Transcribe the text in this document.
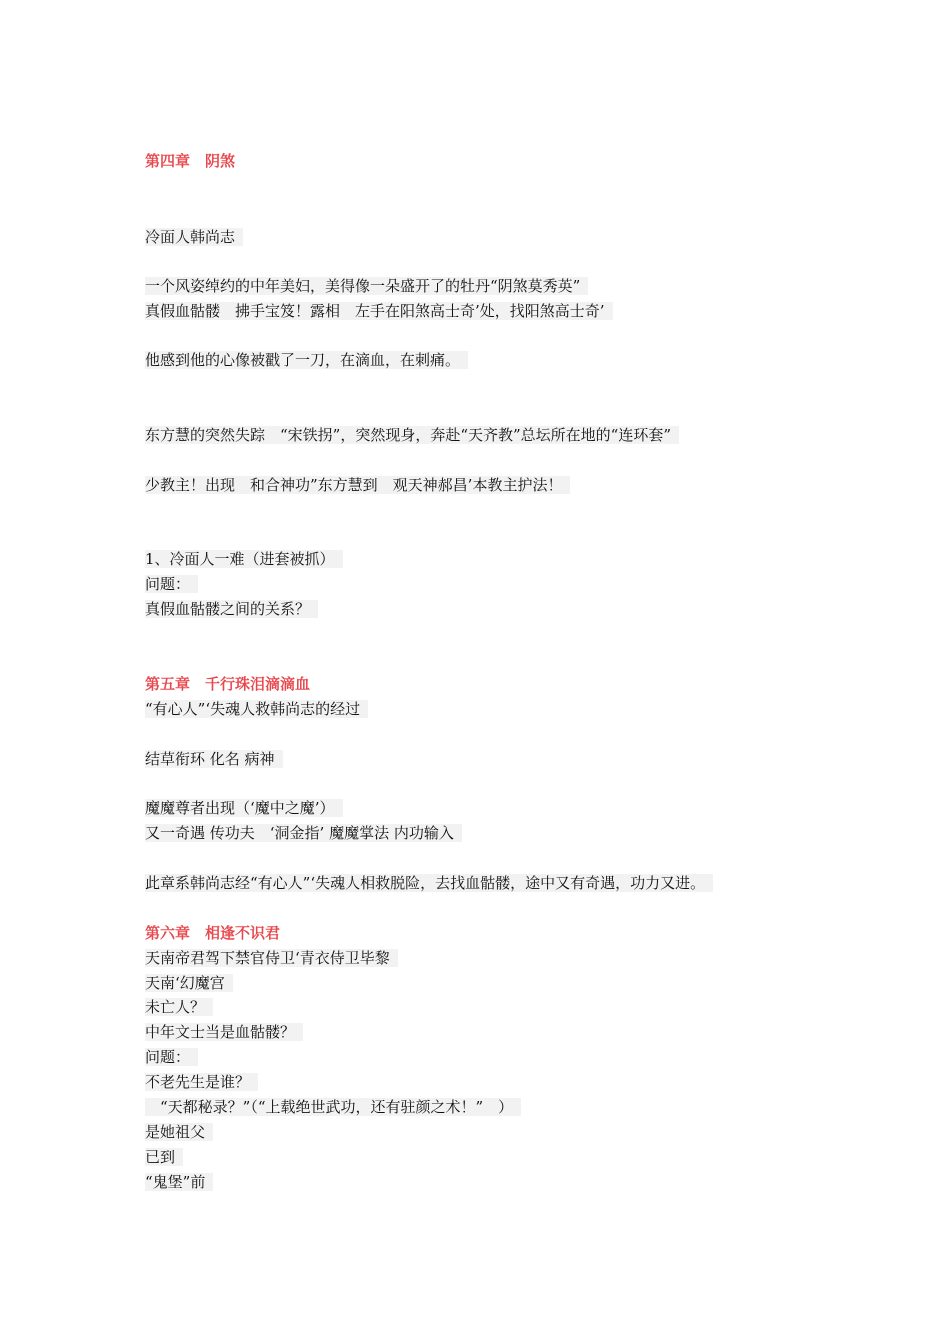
第四章　阴煞
冷面人韩尚志
一个风姿绰约的中年美妇，美得像一朵盛开了的牡丹“阴煞莫秀英”
真假血骷髅　拂手宝笈！露相　左手在阳煞高士奇’处，找阳煞高士奇’
他感到他的心像被戳了一刀，在滴血，在刺痛。
东方慧的突然失踪　“宋铁拐”，突然现身，奔赴“天齐教”总坛所在地的“连环套”
少教主！出现　和合神功”东方慧到　观天神郝昌’本教主护法！
1、冷面人一难（进套被抓）
问题：
真假血骷髅之间的关系？
第五章　千行珠泪滴滴血
“有心人”‘失魂人救韩尚志的经过
结草衔环 化名 病神
魔魔尊者出现（‘魔中之魔’）
又一奇遇 传功夫　‘洞金指’ 魔魔掌法 内功输入
此章系韩尚志经“有心人”‘失魂人相救脱险，去找血骷髅，途中又有奇遇，功力又进。
第六章　相逢不识君
天南帝君驾下禁官侍卫‘青衣侍卫毕黎
天南‘幻魔宫
未亡人？
中年文士当是血骷髅？
问题：
不老先生是谁？
　“天都秘录？”（“上载绝世武功，还有驻颜之术！”　）
是她祖父
已到
“鬼堡”前
